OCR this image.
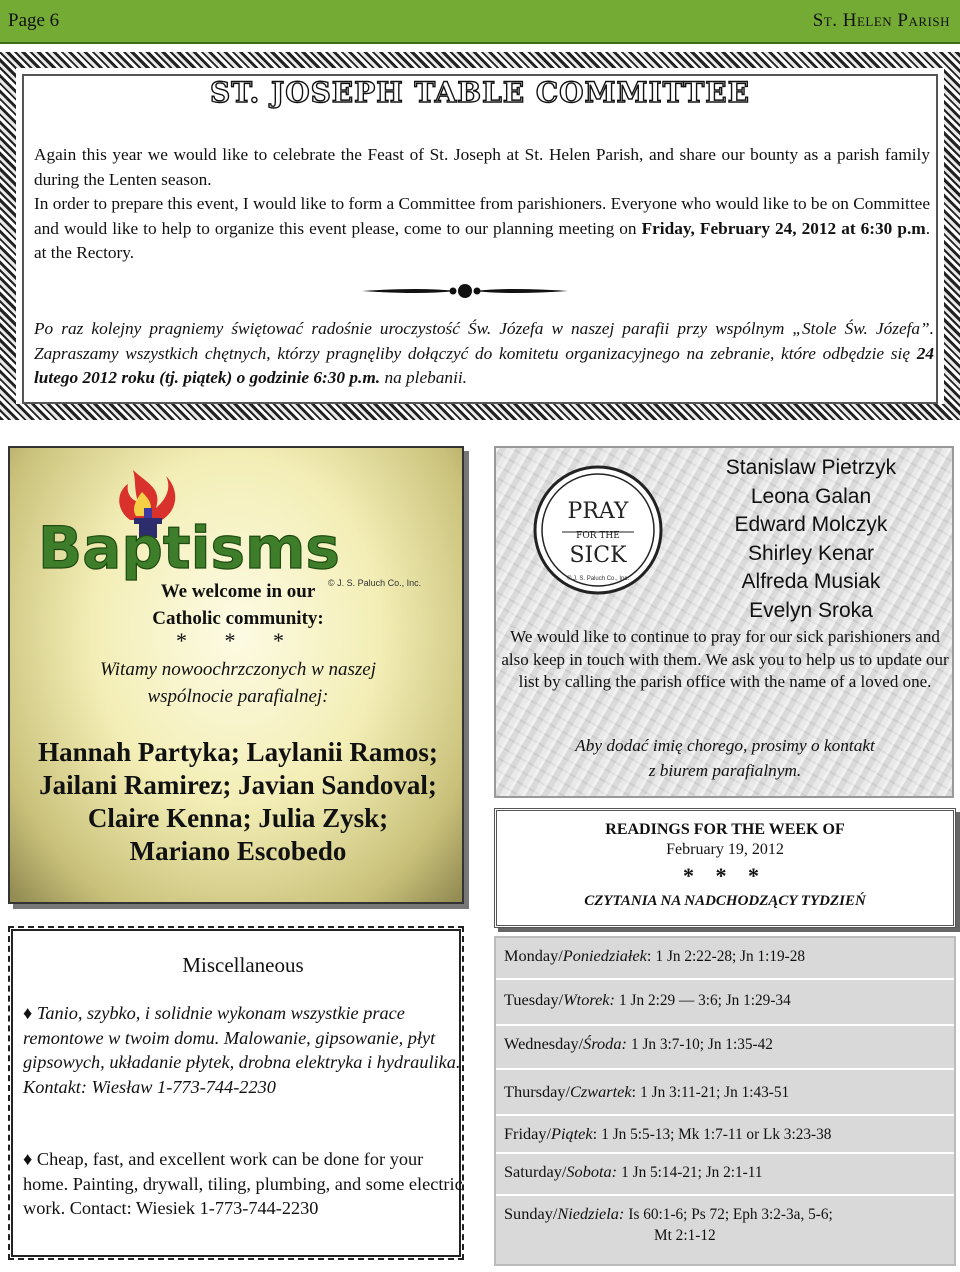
Page 6	St. Helen Parish
ST. JOSEPH TABLE COMMITTEE
Again this year we would like to celebrate the Feast of St. Joseph at St. Helen Parish, and share our bounty as a parish family during the Lenten season.
In order to prepare this event, I would like to form a Committee from parishioners. Everyone who would like to be on Committee and would like to help to organize this event please, come to our planning meeting on Friday, February 24, 2012 at 6:30 p.m. at the Rectory.
Po raz kolejny pragniemy świętować radośnie uroczystość Św. Józefa w naszej parafii przy wspólnym „Stole Św. Józefa”. Zapraszamy wszystkich chętnych, którzy pragnęliby dołączyć do komitetu organizacyjnego na zebranie, które odbędzie się 24 lutego 2012 roku (tj. piątek) o godzinie 6:30 p.m. na plebanii.
Baptisms
© J. S. Paluch Co., Inc.
We welcome in our
Catholic community:
* * *
Witamy nowoochrzczonych w naszej
wspólnocie parafialnej:
Hannah Partyka; Laylanii Ramos;
Jailani Ramirez; Javian Sandoval;
Claire Kenna; Julia Zysk;
Mariano Escobedo
Miscellaneous
♦ Tanio, szybko, i solidnie wykonam wszystkie prace remontowe w twoim domu. Malowanie, gipsowanie, płyt gipsowych, układanie płytek, drobna elektryka i hydraulika. Kontakt: Wiesław 1-773-744-2230
♦ Cheap, fast, and excellent work can be done for your home. Painting, drywall, tiling, plumbing, and some electric work. Contact: Wiesiek 1-773-744-2230
PRAY
FOR THE
SICK
© J. S. Paluch Co., Inc.
Stanislaw Pietrzyk
Leona Galan
Edward Molczyk
Shirley Kenar
Alfreda Musiak
Evelyn Sroka
We would like to continue to pray for our sick parishioners and also keep in touch with them. We ask you to help us to update our list by calling the parish office with the name of a loved one.
Aby dodać imię chorego, prosimy o kontakt
z biurem parafialnym.
READINGS FOR THE WEEK OF
February 19, 2012
* * *
CZYTANIA NA NADCHODZĄCY TYDZIEŃ
Monday/Poniedziałek: 1 Jn 2:22-28; Jn 1:19-28
Tuesday/Wtorek: 1 Jn 2:29 — 3:6; Jn 1:29-34
Wednesday/Środa: 1 Jn 3:7-10; Jn 1:35-42
Thursday/Czwartek: 1 Jn 3:11-21; Jn 1:43-51
Friday/Piątek: 1 Jn 5:5-13; Mk 1:7-11 or Lk 3:23-38
Saturday/Sobota: 1 Jn 5:14-21; Jn 2:1-11
Sunday/Niedziela: Is 60:1-6; Ps 72; Eph 3:2-3a, 5-6;
Mt 2:1-12
